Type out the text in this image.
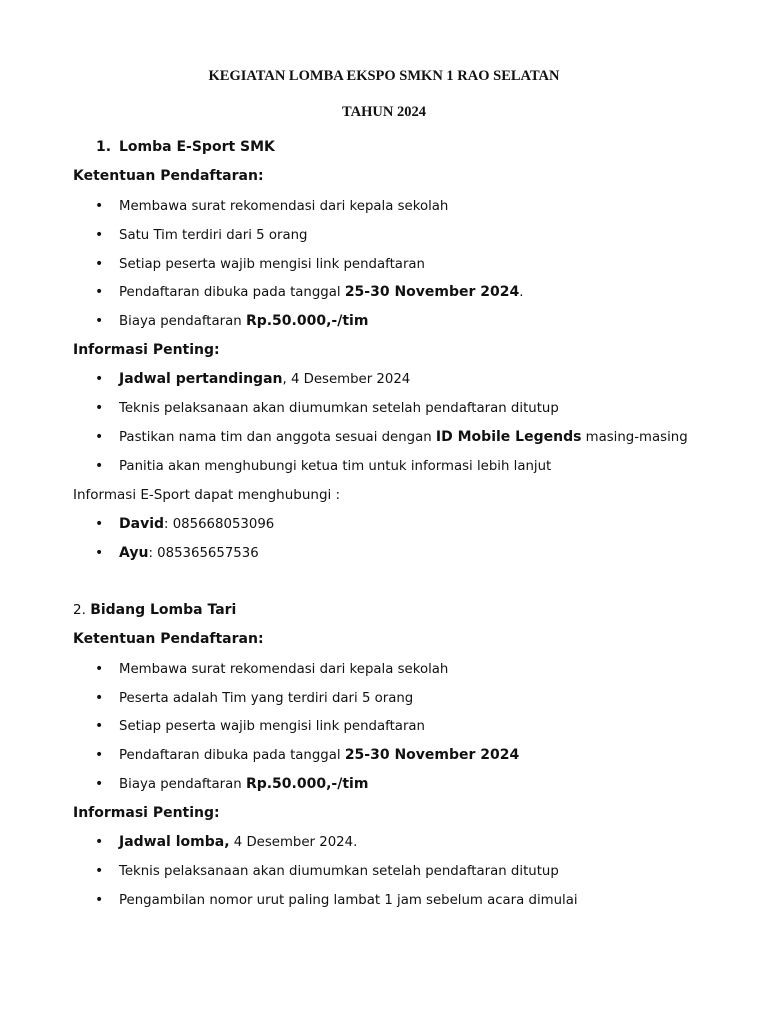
KEGIATAN LOMBA EKSPO SMKN 1 RAO SELATAN
TAHUN 2024
1. Lomba E-Sport SMK
Ketentuan Pendaftaran:
• Membawa surat rekomendasi dari kepala sekolah
• Satu Tim terdiri dari 5 orang
• Setiap peserta wajib mengisi link pendaftaran
• Pendaftaran dibuka pada tanggal 25-30 November 2024.
• Biaya pendaftaran Rp.50.000,-/tim
Informasi Penting:
• Jadwal pertandingan, 4 Desember 2024
• Teknis pelaksanaan akan diumumkan setelah pendaftaran ditutup
• Pastikan nama tim dan anggota sesuai dengan ID Mobile Legends masing-masing
• Panitia akan menghubungi ketua tim untuk informasi lebih lanjut
Informasi E-Sport dapat menghubungi :
• David: 085668053096
• Ayu: 085365657536
2. Bidang Lomba Tari
Ketentuan Pendaftaran:
• Membawa surat rekomendasi dari kepala sekolah
• Peserta adalah Tim yang terdiri dari 5 orang
• Setiap peserta wajib mengisi link pendaftaran
• Pendaftaran dibuka pada tanggal 25-30 November 2024
• Biaya pendaftaran Rp.50.000,-/tim
Informasi Penting:
• Jadwal lomba, 4 Desember 2024.
• Teknis pelaksanaan akan diumumkan setelah pendaftaran ditutup
• Pengambilan nomor urut paling lambat 1 jam sebelum acara dimulai
